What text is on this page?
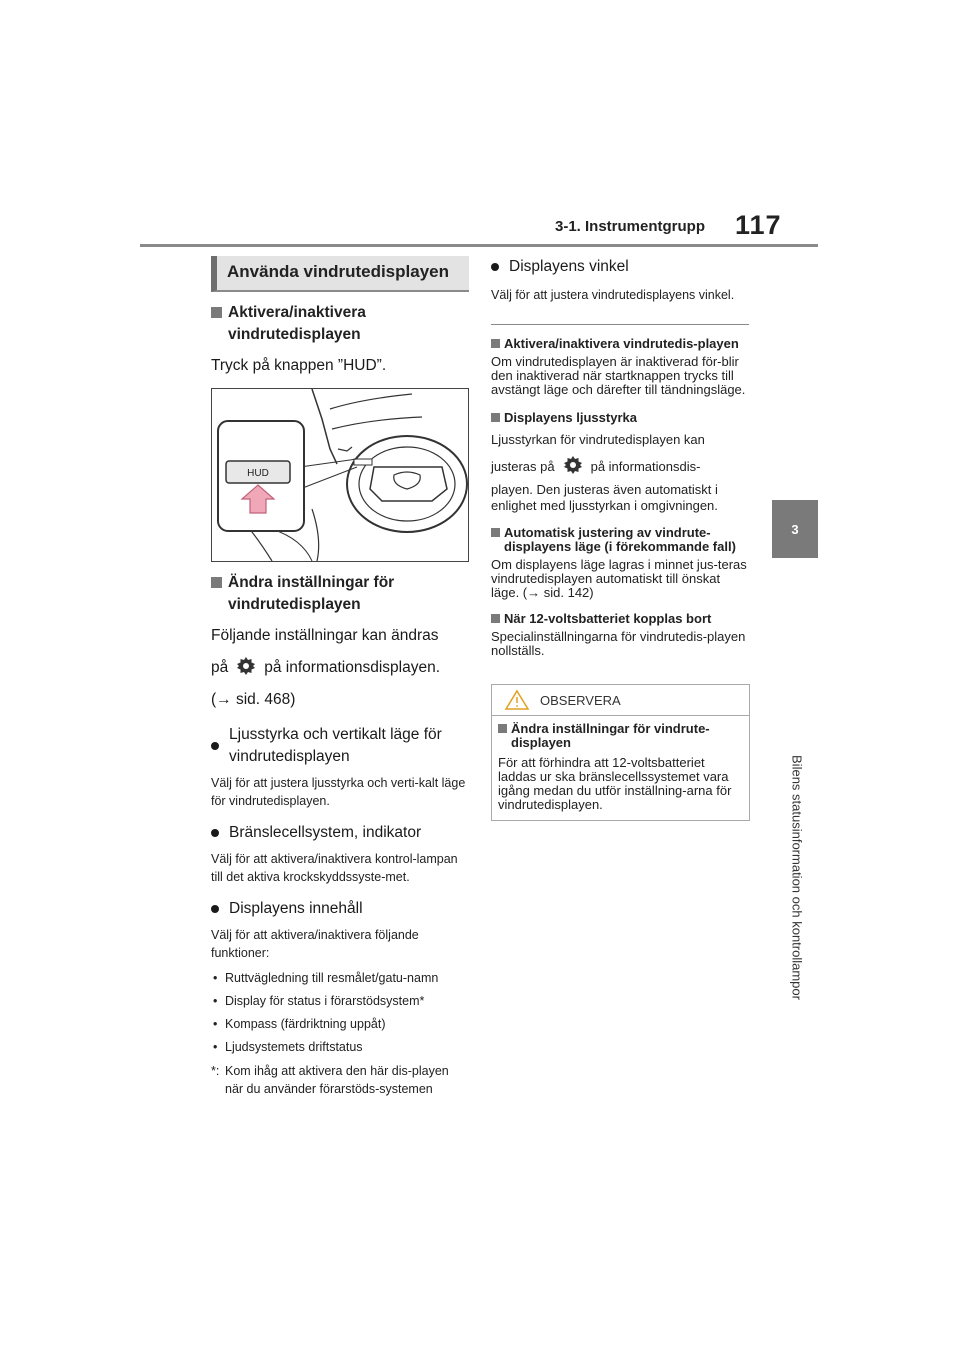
3-1. Instrumentgrupp 117
3
Bilens statusinformation och kontrollampor
Använda vindrutedisplayen
Aktivera/inaktivera
vindrutedisplayen

Tryck på knappen ”HUD”.

HUD
Ändra inställningar för
vindrutedisplayen

Följande inställningar kan ändras

på på informationsdisplayen.

(→ sid. 468)

Ljusstyrka och vertikalt läge för
vindrutedisplayen
Välj för att justera ljusstyrka och verti-kalt läge för vindrutedisplayen.
Bränslecellsystem, indikator
Välj för att aktivera/inaktivera kontrol-lampan till det aktiva krockskyddssyste-met.
Displayens innehåll
Välj för att aktivera/inaktivera följande funktioner:
• Ruttvägledning till resmålet/gatu-namn
• Display för status i förarstödsystem*
• Kompass (färdriktning uppåt)
• Ljudsystemets driftstatus
*: Kom ihåg att aktivera den här dis-playen när du använder förarstöds-systemen
Displayens vinkel
Välj för att justera vindrutedisplayens vinkel.
Aktivera/inaktivera vindrutedis-playen
Om vindrutedisplayen är inaktiverad för-blir den inaktiverad när startknappen trycks till avstängt läge och därefter till tändningsläge.
Displayens ljusstyrka
Ljusstyrkan för vindrutedisplayen kan
justeras på	på informationsdis-
playen. Den justeras även automatiskt i enlighet med ljusstyrkan i omgivningen.
Automatisk justering av vindrute-displayens läge (i förekommande fall)
Om displayens läge lagras i minnet jus-teras vindrutedisplayen automatiskt till önskat läge. (→ sid. 142)
När 12-voltsbatteriet kopplas bort
Specialinställningarna för vindrutedis-playen nollställs.
OBSERVERA
Ändra inställningar för vindrute-displayen
För att förhindra att 12-voltsbatteriet laddas ur ska bränslecellssystemet vara igång medan du utför inställning-arna för vindrutedisplayen.
